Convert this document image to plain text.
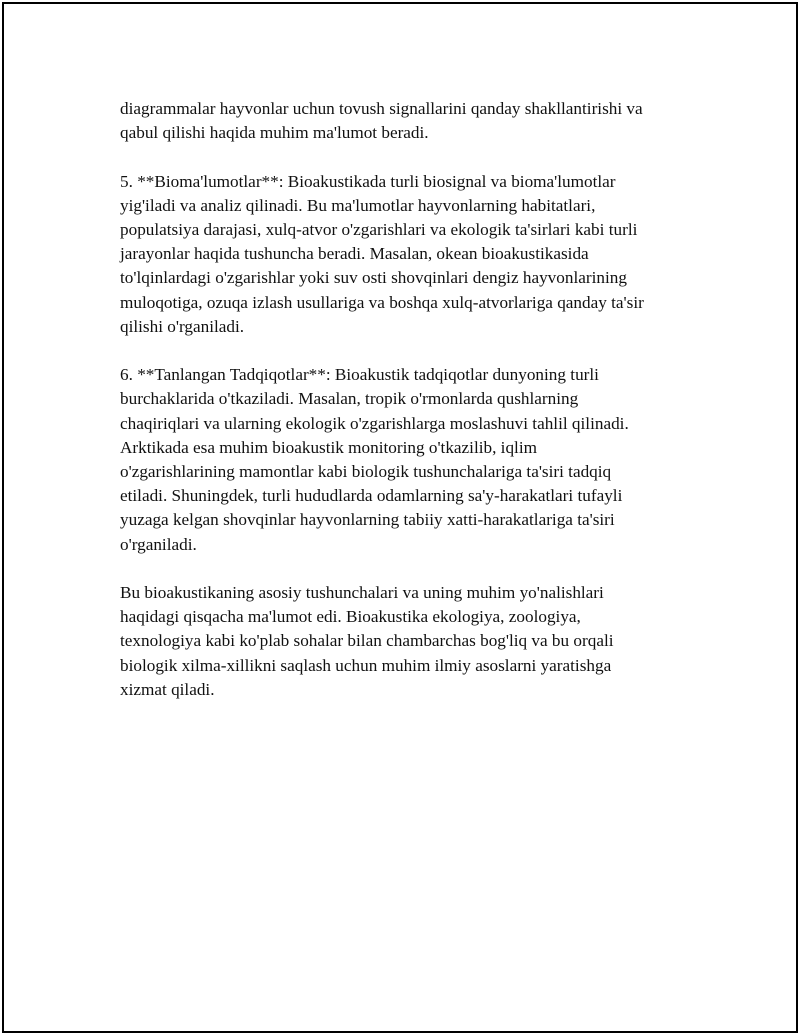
diagrammalar hayvonlar uchun tovush signallarini qanday shakllantirishi va
qabul qilishi haqida muhim ma'lumot beradi.

5. **Bioma'lumotlar**: Bioakustikada turli biosignal va bioma'lumotlar
yig'iladi va analiz qilinadi. Bu ma'lumotlar hayvonlarning habitatlari,
populatsiya darajasi, xulq-atvor o'zgarishlari va ekologik ta'sirlari kabi turli
jarayonlar haqida tushuncha beradi. Masalan, okean bioakustikasida
to'lqinlardagi o'zgarishlar yoki suv osti shovqinlari dengiz hayvonlarining
muloqotiga, ozuqa izlash usullariga va boshqa xulq-atvorlariga qanday ta'sir
qilishi o'rganiladi.

6. **Tanlangan Tadqiqotlar**: Bioakustik tadqiqotlar dunyoning turli
burchaklarida o'tkaziladi. Masalan, tropik o'rmonlarda qushlarning
chaqiriqlari va ularning ekologik o'zgarishlarga moslashuvi tahlil qilinadi.
Arktikada esa muhim bioakustik monitoring o'tkazilib, iqlim
o'zgarishlarining mamontlar kabi biologik tushunchalariga ta'siri tadqiq
etiladi. Shuningdek, turli hududlarda odamlarning sa'y-harakatlari tufayli
yuzaga kelgan shovqinlar hayvonlarning tabiiy xatti-harakatlariga ta'siri
o'rganiladi.

Bu bioakustikaning asosiy tushunchalari va uning muhim yo'nalishlari
haqidagi qisqacha ma'lumot edi. Bioakustika ekologiya, zoologiya,
texnologiya kabi ko'plab sohalar bilan chambarchas bog'liq va bu orqali
biologik xilma-xillikni saqlash uchun muhim ilmiy asoslarni yaratishga
xizmat qiladi.
